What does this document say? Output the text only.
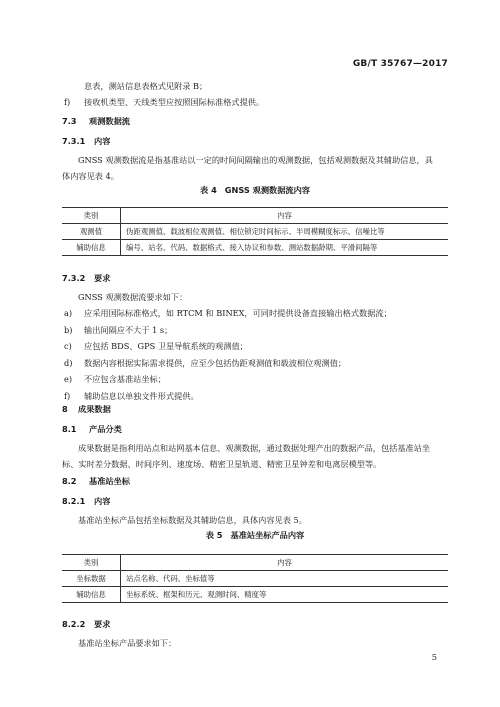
GB/T 35767—2017

息表，测站信息表格式见附录 B；

f)	接收机类型、天线类型应按照国际标准格式提供。

7.3 观测数据流

7.3.1 内容

GNSS 观测数据流是指基准站以一定的时间间隔输出的观测数据，包括观测数据及其辅助信息，具

体内容见表 4。

表 4 GNSS 观测数据流内容
类别	内容
观测值	伪距观测值、载波相位观测值、相位锁定时间标示、半周模糊度标示、信噪比等
辅助信息	编号、站名、代码、数据格式、接入协议和参数、测站数据龄期、平滑间隔等

7.3.2 要求

GNSS 观测数据流要求如下：

a)	应采用国际标准格式，如 RTCM 和 BINEX，可同时提供设备直接输出格式数据流；
b)	输出间隔应不大于 1 s；
c)	应包括 BDS、GPS 卫星导航系统的观测值；
d)	数据内容根据实际需求提供，应至少包括伪距观测值和载波相位观测值；
e)	不应包含基准站坐标；
f)	辅助信息以单独文件形式提供。

8 成果数据

8.1 产品分类

成果数据是指利用站点和站网基本信息、观测数据，通过数据处理产出的数据产品，包括基准站坐

标、实时差分数据、时间序列、速度场、精密卫星轨道、精密卫星钟差和电离层模型等。

8.2 基准站坐标

8.2.1 内容

基准站坐标产品包括坐标数据及其辅助信息，具体内容见表 5。

表 5 基准站坐标产品内容
类别	内容
坐标数据	站点名称、代码、坐标值等
辅助信息	坐标系统、框架和历元、观测时间、精度等

8.2.2 要求

基准站坐标产品要求如下：

5
